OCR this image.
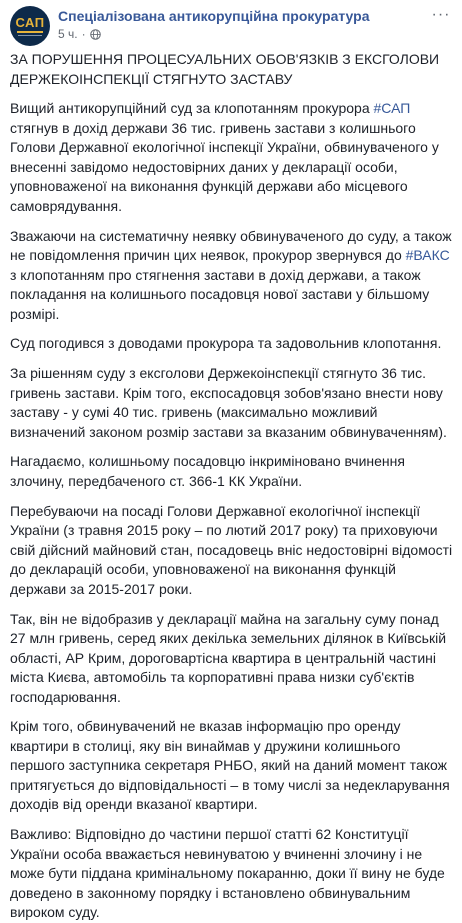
САП Спеціалізована антикорупційна прокуратура
5 ч. ·
···

ЗА ПОРУШЕННЯ ПРОЦЕСУАЛЬНИХ ОБОВ'ЯЗКІВ З ЕКСГОЛОВИ ДЕРЖЕКОІНСПЕКЦІЇ СТЯГНУТО ЗАСТАВУ

Вищий антикорупційний суд за клопотанням прокурора #САП стягнув в дохід держави 36 тис. гривень застави з колишнього Голови Державної екологічної інспекції України, обвинуваченого у внесенні завідомо недостовірних даних у декларації особи, уповноваженої на виконання функцій держави або місцевого самоврядування.

Зважаючи на систематичну неявку обвинуваченого до суду, а також не повідомлення причин цих неявок, прокурор звернувся до #ВАКС з клопотанням про стягнення застави в дохід держави, а також покладання на колишнього посадовця нової застави у більшому розмірі.

Суд погодився з доводами прокурора та задовольнив клопотання.

За рішенням суду з ексголови Держекоінспекції стягнуто 36 тис. гривень застави. Крім того, експосадовця зобов'язано внести нову заставу - у сумі 40 тис. гривень (максимально можливий визначений законом розмір застави за вказаним обвинуваченням).

Нагадаємо, колишньому посадовцю інкриміновано вчинення злочину, передбаченого ст. 366-1 КК України.

Перебуваючи на посаді Голови Державної екологічної інспекції України (з травня 2015 року – по лютий 2017 року) та приховуючи свій дійсний майновий стан, посадовець вніс недостовірні відомості до декларацій особи, уповноваженої на виконання функцій держави за 2015-2017 роки.

Так, він не відобразив у декларації майна на загальну суму понад 27 млн гривень, серед яких декілька земельних ділянок в Київській області, АР Крим, дороговартісна квартира в центральній частині міста Києва, автомобіль та корпоративні права низки суб'єктів господарювання.

Крім того, обвинувачений не вказав інформацію про оренду квартири в столиці, яку він винаймав у дружини колишнього першого заступника секретаря РНБО, який на даний момент також притягується до відповідальності – в тому числі за недекларування доходів від оренди вказаної квартири.

Важливо: Відповідно до частини першої статті 62 Конституції України особа вважається невинуватою у вчиненні злочину і не може бути піддана кримінальному покаранню, доки її вину не буде доведено в законному порядку і встановлено обвинувальним вироком суду.
